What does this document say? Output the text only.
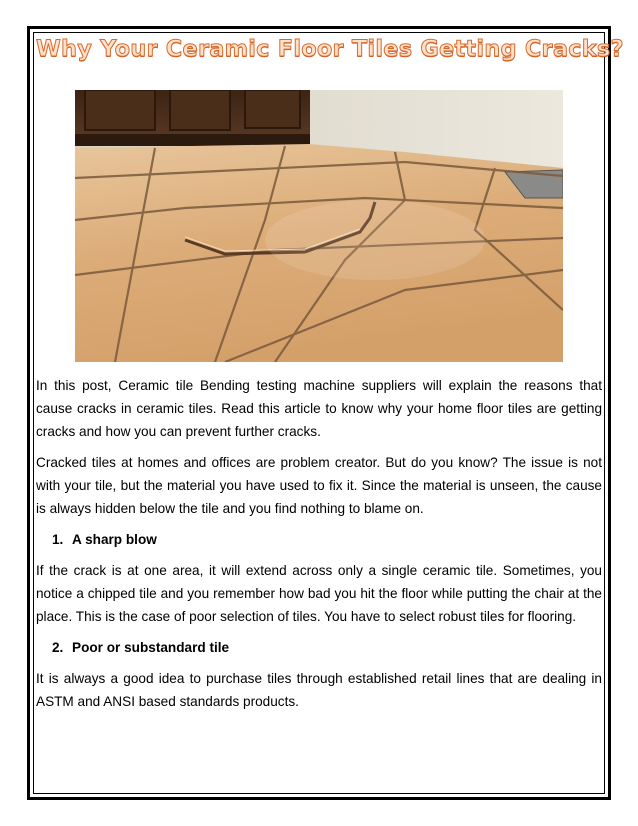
Why Your Ceramic Floor Tiles Getting Cracks?

In this post, Ceramic tile Bending testing machine suppliers will explain the reasons that cause cracks in ceramic tiles. Read this article to know why your home floor tiles are getting cracks and how you can prevent further cracks.

Cracked tiles at homes and offices are problem creator. But do you know? The issue is not with your tile, but the material you have used to fix it. Since the material is unseen, the cause is always hidden below the tile and you find nothing to blame on.

1. A sharp blow

If the crack is at one area, it will extend across only a single ceramic tile. Sometimes, you notice a chipped tile and you remember how bad you hit the floor while putting the chair at the place. This is the case of poor selection of tiles. You have to select robust tiles for flooring.

2. Poor or substandard tile

It is always a good idea to purchase tiles through established retail lines that are dealing in ASTM and ANSI based standards products.
